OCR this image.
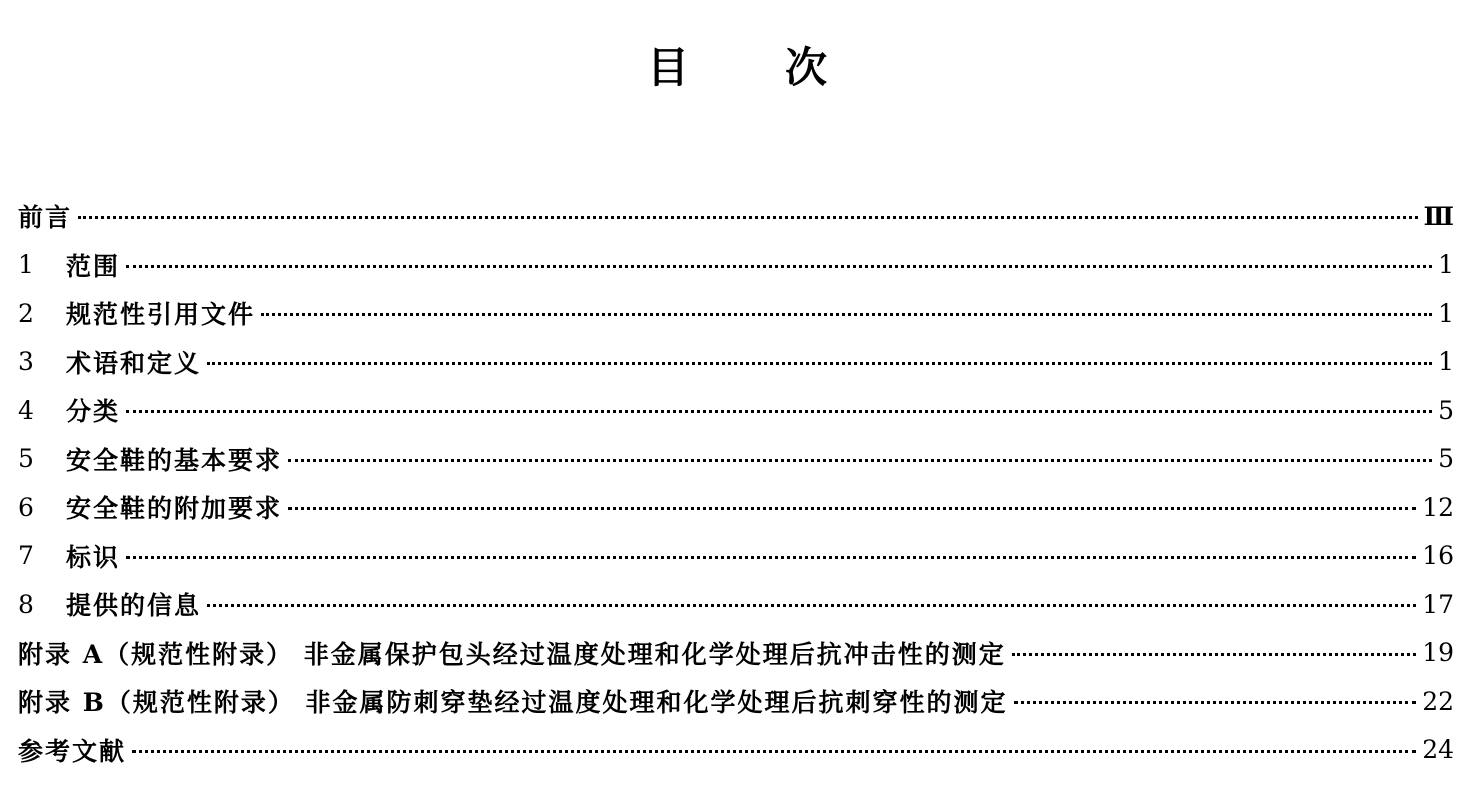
目 次
前言	Ⅲ
1	范围	1
2	规范性引用文件	1
3	术语和定义	1
4	分类	5
5	安全鞋的基本要求	5
6	安全鞋的附加要求	12
7	标识	16
8	提供的信息	17
附录 A（规范性附录） 非金属保护包头经过温度处理和化学处理后抗冲击性的测定	19
附录 B（规范性附录） 非金属防刺穿垫经过温度处理和化学处理后抗刺穿性的测定	22
参考文献	24
